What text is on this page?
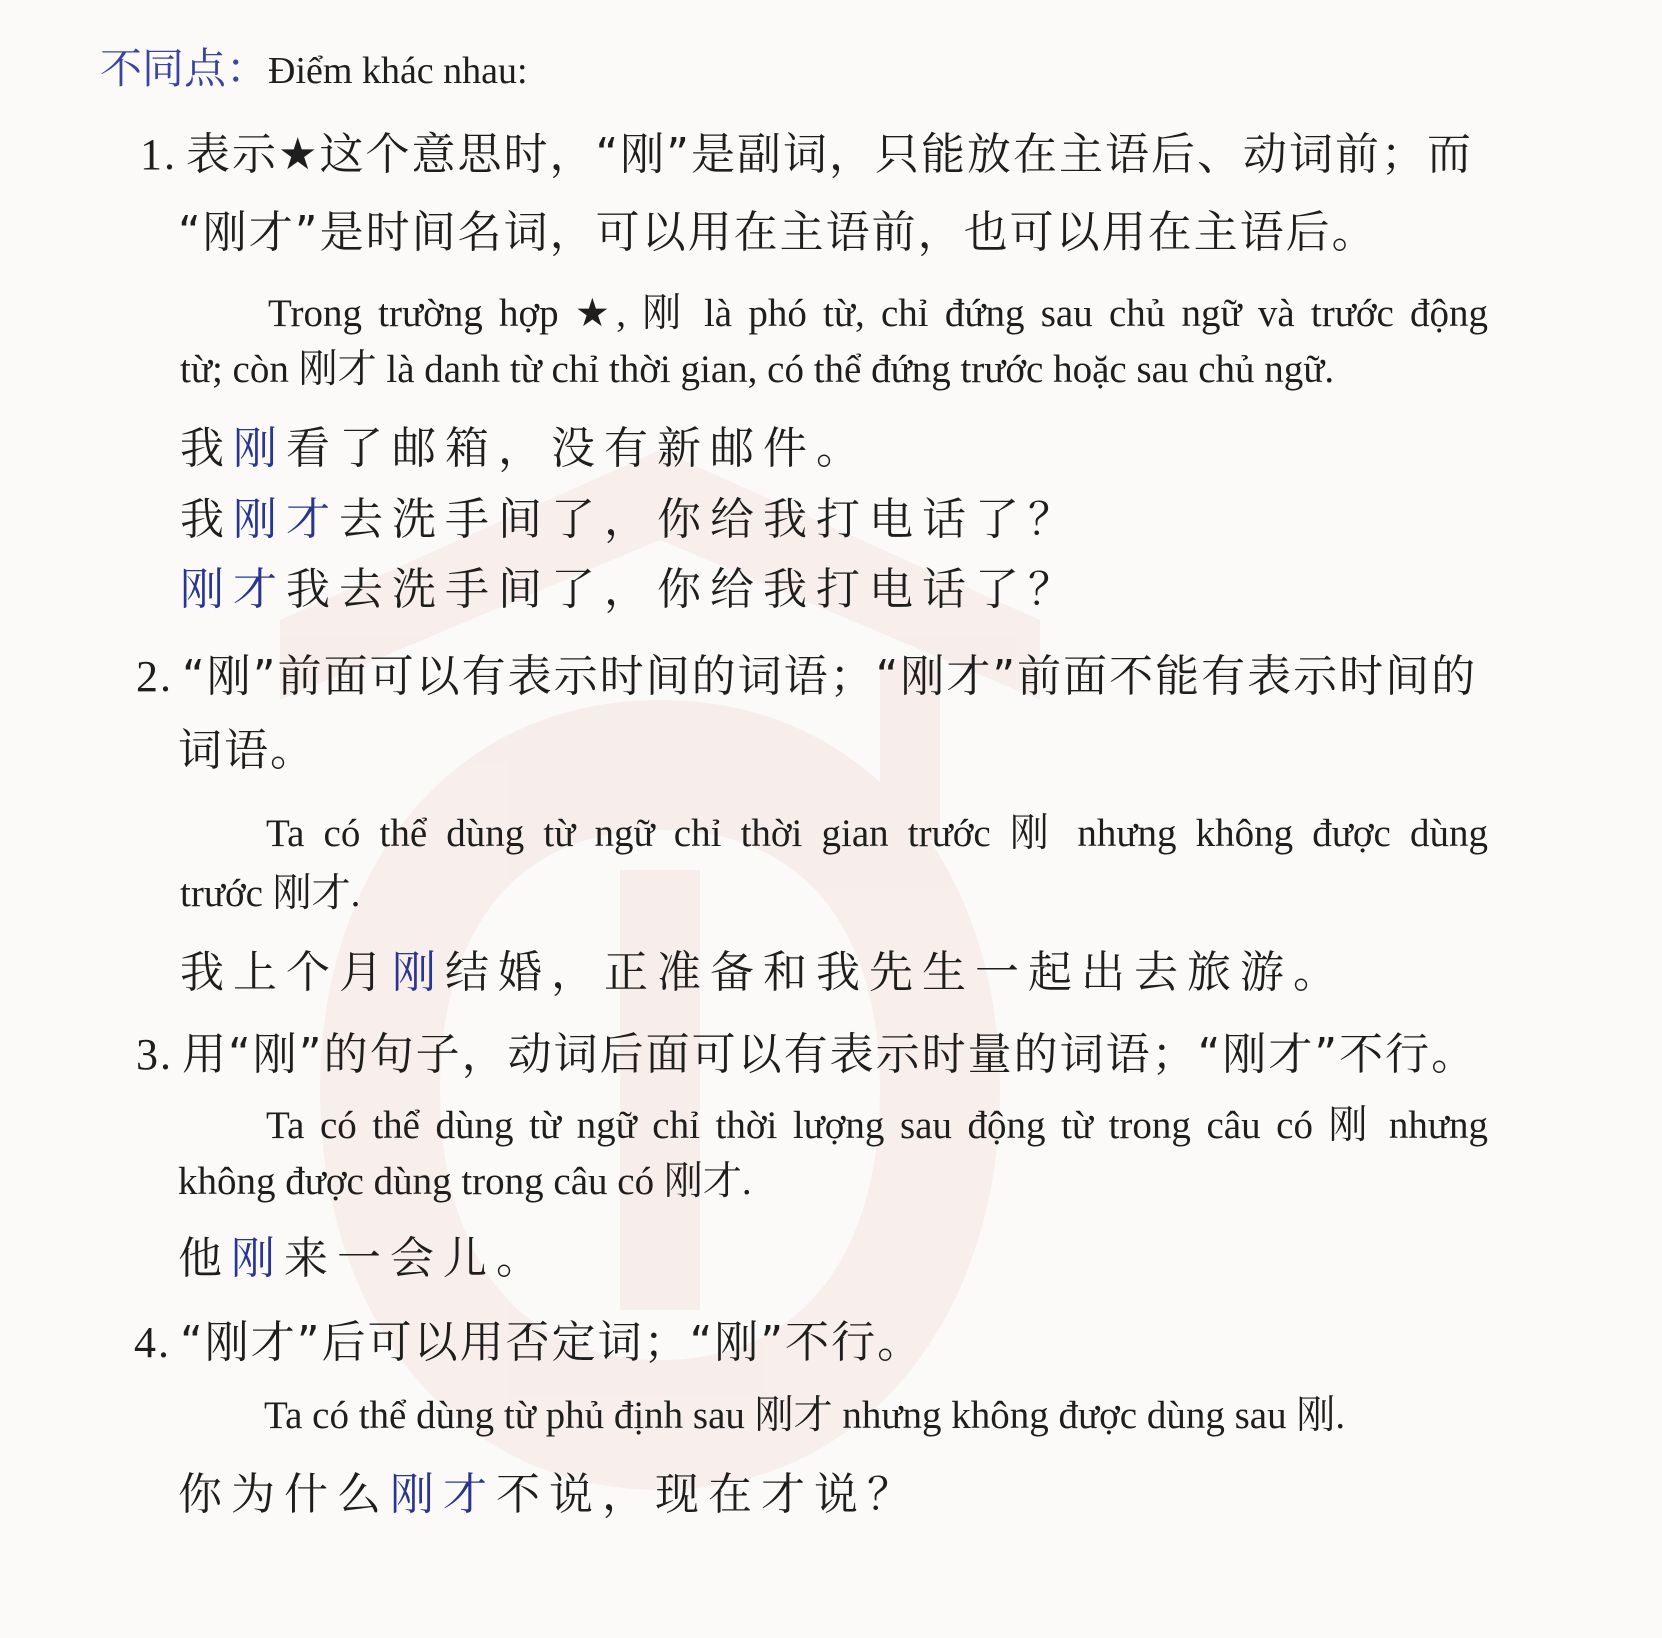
不同点：Điểm khác nhau:
1. 表示★这个意思时，“刚”是副词，只能放在主语后、动词前；而
“刚才”是时间名词，可以用在主语前，也可以用在主语后。
Trong trường hợp ★, 刚 là phó từ, chỉ đứng sau chủ ngữ và trước động
từ; còn 刚才 là danh từ chỉ thời gian, có thể đứng trước hoặc sau chủ ngữ.
我刚看了邮箱，没有新邮件。
我刚才去洗手间了，你给我打电话了？
刚才我去洗手间了，你给我打电话了？
2. “刚”前面可以有表示时间的词语；“刚才”前面不能有表示时间的
词语。
Ta có thể dùng từ ngữ chỉ thời gian trước 刚 nhưng không được dùng
trước 刚才.
我上个月刚结婚，正准备和我先生一起出去旅游。
3. 用“刚”的句子，动词后面可以有表示时量的词语；“刚才”不行。
Ta có thể dùng từ ngữ chỉ thời lượng sau động từ trong câu có 刚 nhưng
không được dùng trong câu có 刚才.
他刚来一会儿。
4. “刚才”后可以用否定词；“刚”不行。
Ta có thể dùng từ phủ định sau 刚才 nhưng không được dùng sau 刚.
你为什么刚才不说，现在才说？
